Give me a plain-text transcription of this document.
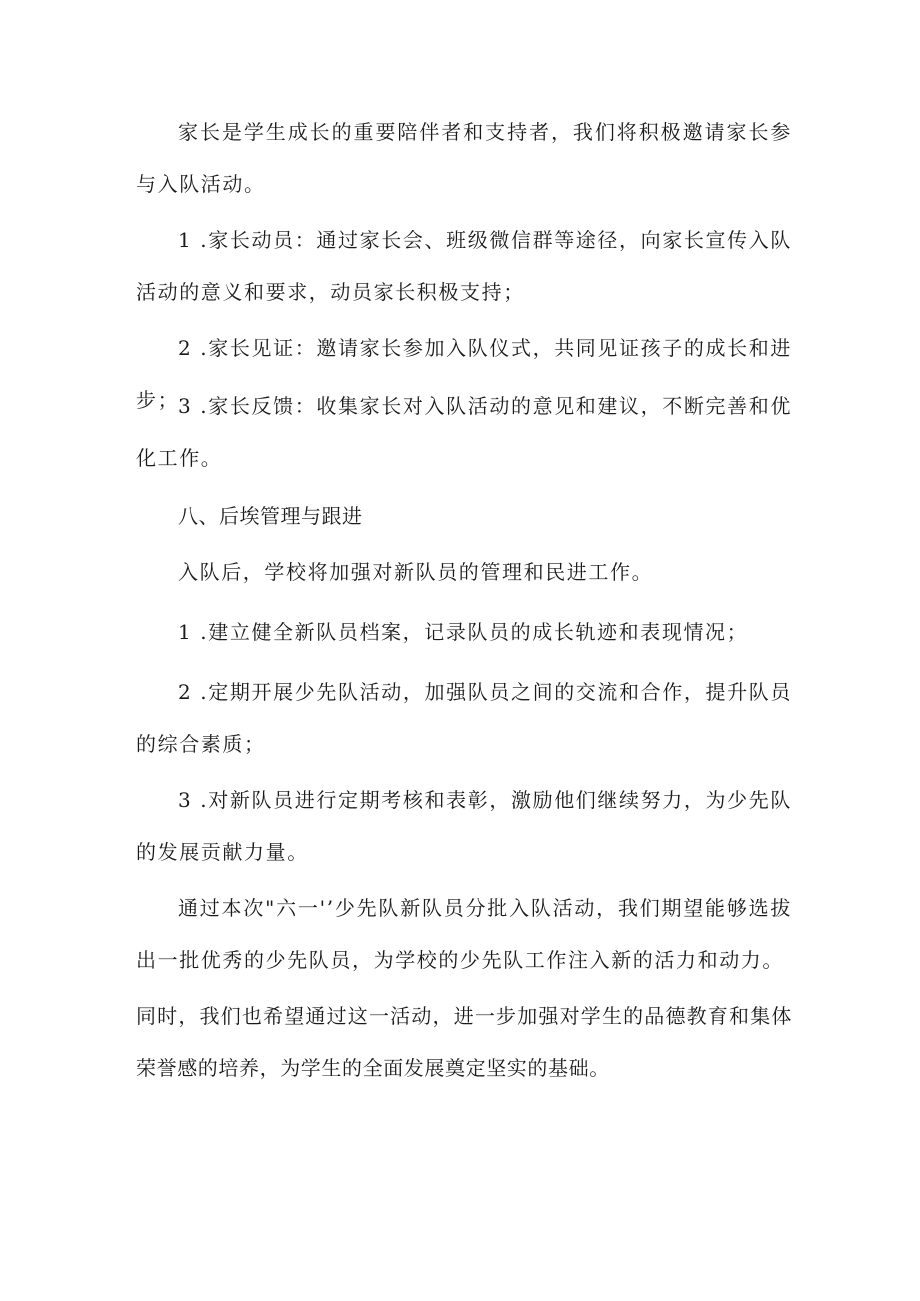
家长是学生成长的重要陪伴者和支持者，我们将积极邀请家长参与入队活动。

1 .家长动员：通过家长会、班级微信群等途径，向家长宣传入队活动的意义和要求，动员家长积极支持；

2 .家长见证：邀请家长参加入队仪式，共同见证孩子的成长和进步；

3 .家长反馈：收集家长对入队活动的意见和建议，不断完善和优化工作。

八、后埃管理与跟进

入队后，学校将加强对新队员的管理和民进工作。

1 .建立健全新队员档案，记录队员的成长轨迹和表现情况；

2 .定期开展少先队活动，加强队员之间的交流和合作，提升队员的综合素质；

3 .对新队员进行定期考核和表彰，激励他们继续努力，为少先队的发展贡献力量。

通过本次"六一'’少先队新队员分批入队活动，我们期望能够选拔出一批优秀的少先队员，为学校的少先队工作注入新的活力和动力。

同时，我们也希望通过这一活动，进一步加强对学生的品德教育和集体荣誉感的培养，为学生的全面发展奠定坚实的基础。
